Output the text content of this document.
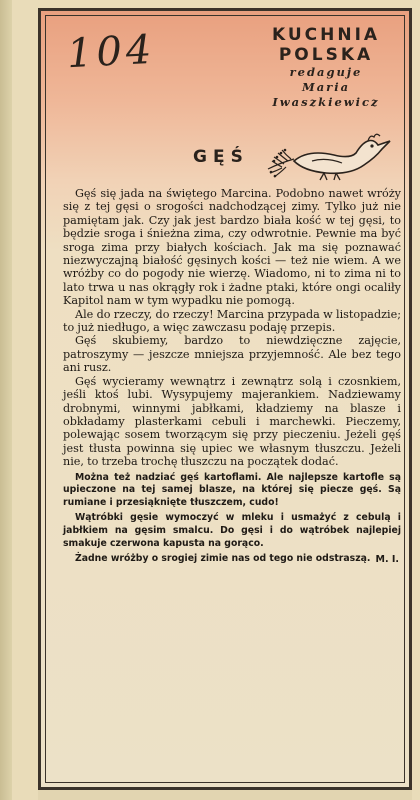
104	KUCHNIA
POLSKA
redaguje
Maria
Iwaszkiewicz
GĘŚ

Gęś się jada na świętego Marcina. Podobno nawet wróży się z tej gęsi o srogości nadchodzącej zimy. Tylko już nie pamiętam jak. Czy jak jest bardzo biała kość w tej gęsi, to będzie sroga i śnieżna zima, czy odwrotnie. Pewnie ma być sroga zima przy białych kościach. Jak ma się poznawać niezwyczajną białość gęsinych kości — też nie wiem. A we wróżby co do pogody nie wierzę. Wiadomo, ni to zima ni to lato trwa u nas okrągły rok i żadne ptaki, które ongi ocaliły Kapitol nam w tym wypadku nie pomogą.

Ale do rzeczy, do rzeczy! Marcina przypada w listopadzie; to już niedługo, a więc zawczasu podaję przepis.

Gęś skubiemy, bardzo to niewdzięczne zajęcie, patroszymy — jeszcze mniejsza przyjemność. Ale bez tego ani rusz.

Gęś wycieramy wewnątrz i zewnątrz solą i czosnkiem, jeśli ktoś lubi. Wysypujemy majerankiem. Nadziewamy drobnymi, winnymi jabłkami, kładziemy na blasze i obkładamy plasterkami cebuli i marchewki. Pieczemy, polewając sosem tworzącym się przy pieczeniu. Jeżeli gęś jest tłusta powinna się upiec we własnym tłuszczu. Jeżeli nie, to trzeba trochę tłuszczu na początek dodać.

Można też nadziać gęś kartoflami. Ale najlepsze kartofle są upieczone na tej samej blasze, na której się piecze gęś. Są rumiane i przesiąknięte tłuszczem, cudo!

Wątróbki gęsie wymoczyć w mleku i usmażyć z cebulą i jabłkiem na gęsim smalcu. Do gęsi i do wątróbek najlepiej smakuje czerwona kapusta na gorąco.

Żadne wróżby o srogiej zimie nas od tego nie odstraszą. M. I.
